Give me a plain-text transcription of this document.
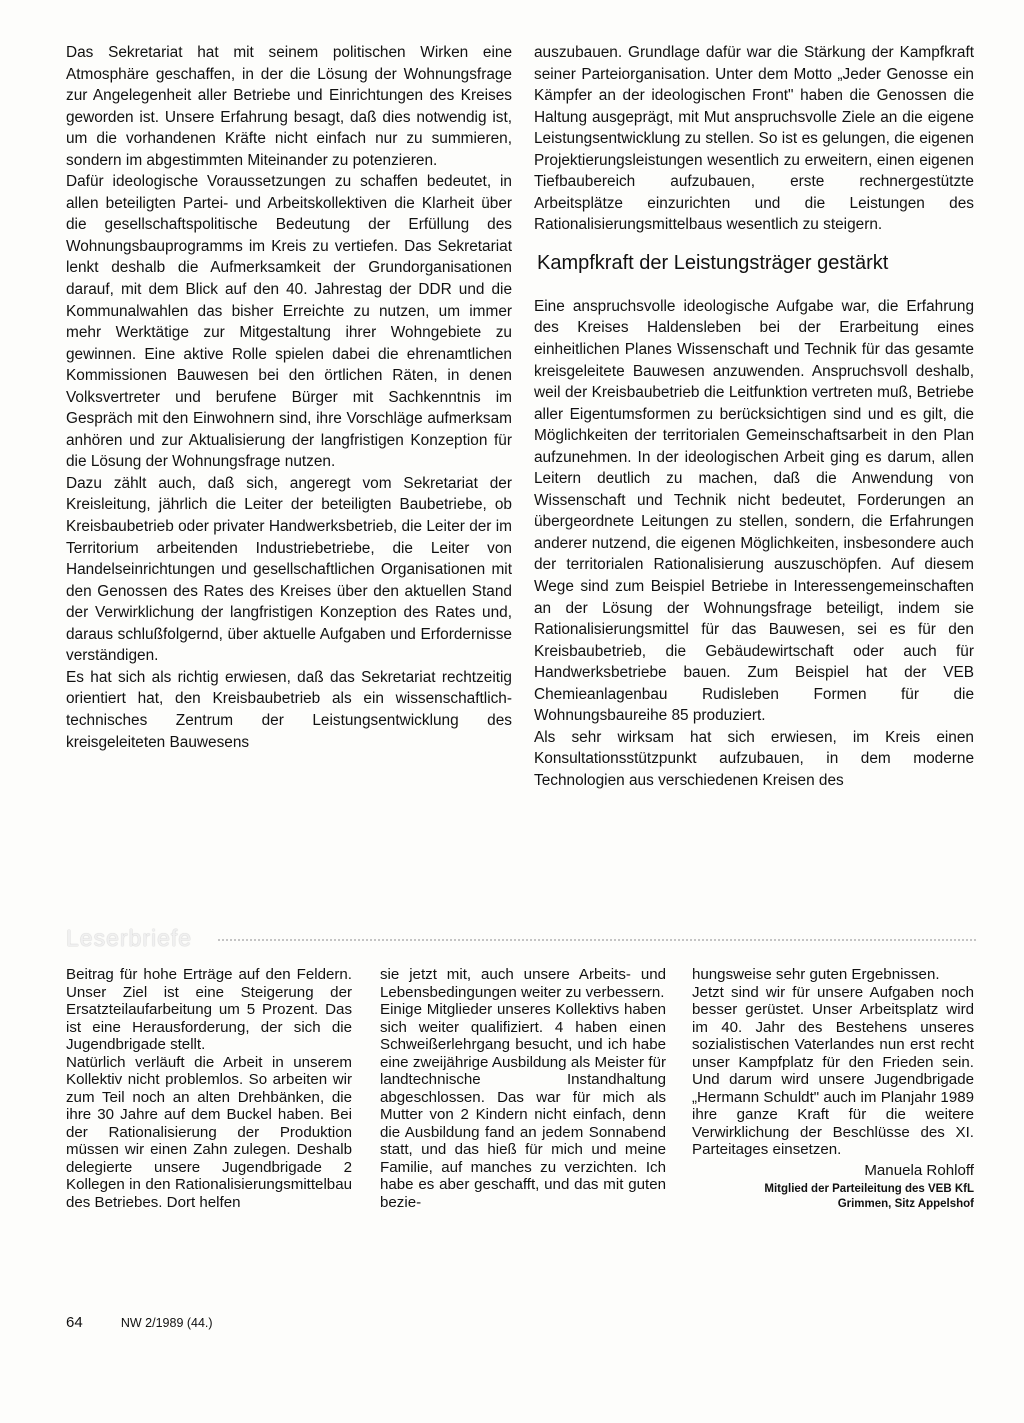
Das Sekretariat hat mit seinem politischen Wirken eine Atmosphäre geschaffen, in der die Lösung der Wohnungsfrage zur Angelegenheit aller Betriebe und Einrichtungen des Kreises geworden ist. Unsere Erfahrung besagt, daß dies notwendig ist, um die vorhandenen Kräfte nicht einfach nur zu summieren, sondern im abgestimmten Miteinander zu potenzieren.

Dafür ideologische Voraussetzungen zu schaffen bedeutet, in allen beteiligten Partei- und Arbeitskollektiven die Klarheit über die gesellschaftspolitische Bedeutung der Erfüllung des Wohnungsbauprogramms im Kreis zu vertiefen. Das Sekretariat lenkt deshalb die Aufmerksamkeit der Grundorganisationen darauf, mit dem Blick auf den 40. Jahrestag der DDR und die Kommunalwahlen das bisher Erreichte zu nutzen, um immer mehr Werktätige zur Mitgestaltung ihrer Wohngebiete zu gewinnen. Eine aktive Rolle spielen dabei die ehrenamtlichen Kommissionen Bauwesen bei den örtlichen Räten, in denen Volksvertreter und berufene Bürger mit Sachkenntnis im Gespräch mit den Einwohnern sind, ihre Vorschläge aufmerksam anhören und zur Aktualisierung der langfristigen Konzeption für die Lösung der Wohnungsfrage nutzen.

Dazu zählt auch, daß sich, angeregt vom Sekretariat der Kreisleitung, jährlich die Leiter der beteiligten Baubetriebe, ob Kreisbaubetrieb oder privater Handwerksbetrieb, die Leiter der im Territorium arbeitenden Industriebetriebe, die Leiter von Handelseinrichtungen und gesellschaftlichen Organisationen mit den Genossen des Rates des Kreises über den aktuellen Stand der Verwirklichung der langfristigen Konzeption des Rates und, daraus schlußfolgernd, über aktuelle Aufgaben und Erfordernisse verständigen.

Es hat sich als richtig erwiesen, daß das Sekretariat rechtzeitig orientiert hat, den Kreisbaubetrieb als ein wissenschaftlich-technisches Zentrum der Leistungsentwicklung des kreisgeleiteten Bauwesens

auszubauen. Grundlage dafür war die Stärkung der Kampfkraft seiner Parteiorganisation. Unter dem Motto „Jeder Genosse ein Kämpfer an der ideologischen Front" haben die Genossen die Haltung ausgeprägt, mit Mut anspruchsvolle Ziele an die eigene Leistungsentwicklung zu stellen. So ist es gelungen, die eigenen Projektierungsleistungen wesentlich zu erweitern, einen eigenen Tiefbaubereich aufzubauen, erste rechnergestützte Arbeitsplätze einzurichten und die Leistungen des Rationalisierungsmittelbaus wesentlich zu steigern.

Kampfkraft der Leistungsträger gestärkt

Eine anspruchsvolle ideologische Aufgabe war, die Erfahrung des Kreises Haldensleben bei der Erarbeitung eines einheitlichen Planes Wissenschaft und Technik für das gesamte kreisgeleitete Bauwesen anzuwenden. Anspruchsvoll deshalb, weil der Kreisbaubetrieb die Leitfunktion vertreten muß, Betriebe aller Eigentumsformen zu berücksichtigen sind und es gilt, die Möglichkeiten der territorialen Gemeinschaftsarbeit in den Plan aufzunehmen. In der ideologischen Arbeit ging es darum, allen Leitern deutlich zu machen, daß die Anwendung von Wissenschaft und Technik nicht bedeutet, Forderungen an übergeordnete Leitungen zu stellen, sondern, die Erfahrungen anderer nutzend, die eigenen Möglichkeiten, insbesondere auch der territorialen Rationalisierung auszuschöpfen. Auf diesem Wege sind zum Beispiel Betriebe in Interessengemeinschaften an der Lösung der Wohnungsfrage beteiligt, indem sie Rationalisierungsmittel für das Bauwesen, sei es für den Kreisbaubetrieb, die Gebäudewirtschaft oder auch für Handwerksbetriebe bauen. Zum Beispiel hat der VEB Chemieanlagenbau Rudisleben Formen für die Wohnungsbaureihe 85 produziert.

Als sehr wirksam hat sich erwiesen, im Kreis einen Konsultationsstützpunkt aufzubauen, in dem moderne Technologien aus verschiedenen Kreisen des

Leserbriefe

Beitrag für hohe Erträge auf den Feldern. Unser Ziel ist eine Steigerung der Ersatzteilaufarbeitung um 5 Prozent. Das ist eine Herausforderung, der sich die Jugendbrigade stellt.

Natürlich verläuft die Arbeit in unserem Kollektiv nicht problemlos. So arbeiten wir zum Teil noch an alten Drehbänken, die ihre 30 Jahre auf dem Buckel haben. Bei der Rationalisierung der Produktion müssen wir einen Zahn zulegen. Deshalb delegierte unsere Jugendbrigade 2 Kollegen in den Rationalisierungsmittelbau des Betriebes. Dort helfen

sie jetzt mit, auch unsere Arbeits- und Lebensbedingungen weiter zu verbessern.

Einige Mitglieder unseres Kollektivs haben sich weiter qualifiziert. 4 haben einen Schweißerlehrgang besucht, und ich habe eine zweijährige Ausbildung als Meister für landtechnische Instandhaltung abgeschlossen. Das war für mich als Mutter von 2 Kindern nicht einfach, denn die Ausbildung fand an jedem Sonnabend statt, und das hieß für mich und meine Familie, auf manches zu verzichten. Ich habe es aber geschafft, und das mit guten bezie-

hungsweise sehr guten Ergebnissen.

Jetzt sind wir für unsere Aufgaben noch besser gerüstet. Unser Arbeitsplatz wird im 40. Jahr des Bestehens unseres sozialistischen Vaterlandes nun erst recht unser Kampfplatz für den Frieden sein. Und darum wird unsere Jugendbrigade „Hermann Schuldt" auch im Planjahr 1989 ihre ganze Kraft für die weitere Verwirklichung der Beschlüsse des XI. Parteitages einsetzen.

Manuela Rohloff
Mitglied der Parteileitung des VEB KfL
Grimmen, Sitz Appelshof
64	NW 2/1989 (44.)
